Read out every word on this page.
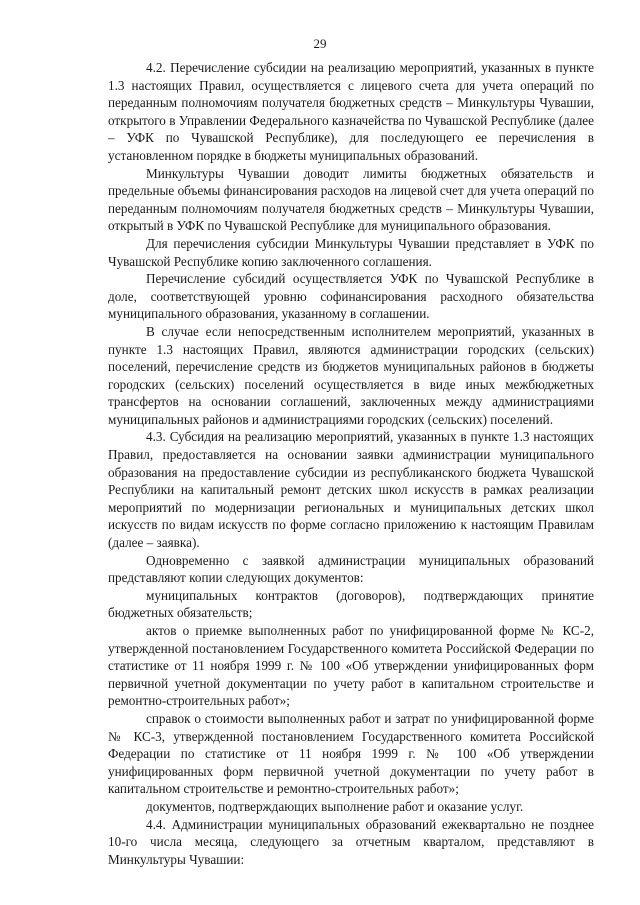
29

4.2. Перечисление субсидии на реализацию мероприятий, указанных в пункте 1.3 настоящих Правил, осуществляется с лицевого счета для учета операций по переданным полномочиям получателя бюджетных средств – Минкультуры Чувашии, открытого в Управлении Федерального казначейства по Чувашской Республике (далее – УФК по Чувашской Республике), для последующего ее перечисления в установленном порядке в бюджеты муниципальных образований.

Минкультуры Чувашии доводит лимиты бюджетных обязательств и предельные объемы финансирования расходов на лицевой счет для учета операций по переданным полномочиям получателя бюджетных средств – Минкультуры Чувашии, открытый в УФК по Чувашской Республике для муниципального образования.

Для перечисления субсидии Минкультуры Чувашии представляет в УФК по Чувашской Республике копию заключенного соглашения.

Перечисление субсидий осуществляется УФК по Чувашской Республике в доле, соответствующей уровню софинансирования расходного обязательства муниципального образования, указанному в соглашении.

В случае если непосредственным исполнителем мероприятий, указанных в пункте 1.3 настоящих Правил, являются администрации городских (сельских) поселений, перечисление средств из бюджетов муниципальных районов в бюджеты городских (сельских) поселений осуществляется в виде иных межбюджетных трансфертов на основании соглашений, заключенных между администрациями муниципальных районов и администрациями городских (сельских) поселений.

4.3. Субсидия на реализацию мероприятий, указанных в пункте 1.3 настоящих Правил, предоставляется на основании заявки администрации муниципального образования на предоставление субсидии из республиканского бюджета Чувашской Республики на капитальный ремонт детских школ искусств в рамках реализации мероприятий по модернизации региональных и муниципальных детских школ искусств по видам искусств по форме согласно приложению к настоящим Правилам (далее – заявка).

Одновременно с заявкой администрации муниципальных образований представляют копии следующих документов:

муниципальных контрактов (договоров), подтверждающих принятие бюджетных обязательств;

актов о приемке выполненных работ по унифицированной форме № КС-2, утвержденной постановлением Государственного комитета Российской Федерации по статистике от 11 ноября 1999 г. № 100 «Об утверждении унифицированных форм первичной учетной документации по учету работ в капитальном строительстве и ремонтно-строительных работ»;

справок о стоимости выполненных работ и затрат по унифицированной форме № КС-3, утвержденной постановлением Государственного комитета Российской Федерации по статистике от 11 ноября 1999 г. № 100 «Об утверждении унифицированных форм первичной учетной документации по учету работ в капитальном строительстве и ремонтно-строительных работ»;

документов, подтверждающих выполнение работ и оказание услуг.

4.4. Администрации муниципальных образований ежеквартально не позднее 10-го числа месяца, следующего за отчетным кварталом, представляют в Минкультуры Чувашии:
